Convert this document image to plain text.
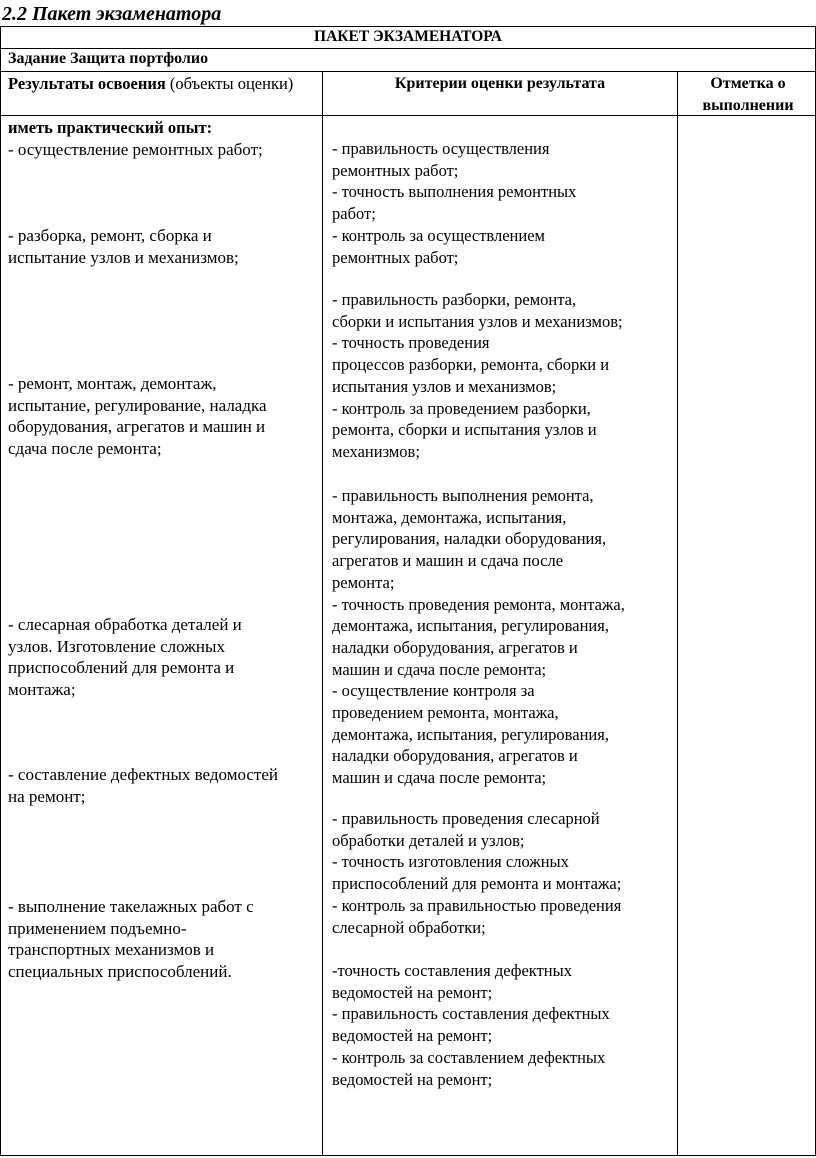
2.2 Пакет экзаменатора
ПАКЕТ ЭКЗАМЕНАТОРА
Задание Защита портфолио
Результаты освоения (объекты оценки)	Критерии оценки результата	Отметка о выполнении
иметь практический опыт:
- осуществление ремонтных работ;
- разборка, ремонт, сборка и
испытание узлов и механизмов;
- ремонт, монтаж, демонтаж,
испытание, регулирование, наладка
оборудования, агрегатов и машин и
сдача после ремонта;
- слесарная обработка деталей и
узлов. Изготовление сложных
приспособлений для ремонта и
монтажа;
- составление дефектных ведомостей
на ремонт;
- выполнение такелажных работ с
применением подъемно-
транспортных механизмов и
специальных приспособлений.
- правильность осуществления
ремонтных работ;
- точность выполнения ремонтных
работ;
- контроль за осуществлением
ремонтных работ;
- правильность разборки, ремонта,
сборки и испытания узлов и механизмов;
- точность проведения
процессов разборки, ремонта, сборки и
испытания узлов и механизмов;
- контроль за проведением разборки,
ремонта, сборки и испытания узлов и
механизмов;
- правильность выполнения ремонта,
монтажа, демонтажа, испытания,
регулирования, наладки оборудования,
агрегатов и машин и сдача после
ремонта;
- точность проведения ремонта, монтажа,
демонтажа, испытания, регулирования,
наладки оборудования, агрегатов и
машин и сдача после ремонта;
- осуществление контроля за
проведением ремонта, монтажа,
демонтажа, испытания, регулирования,
наладки оборудования, агрегатов и
машин и сдача после ремонта;
- правильность проведения слесарной
обработки деталей и узлов;
- точность изготовления сложных
приспособлений для ремонта и монтажа;
- контроль за правильностью проведения
слесарной обработки;
-точность составления дефектных
ведомостей на ремонт;
- правильность составления дефектных
ведомостей на ремонт;
- контроль за составлением дефектных
ведомостей на ремонт;
